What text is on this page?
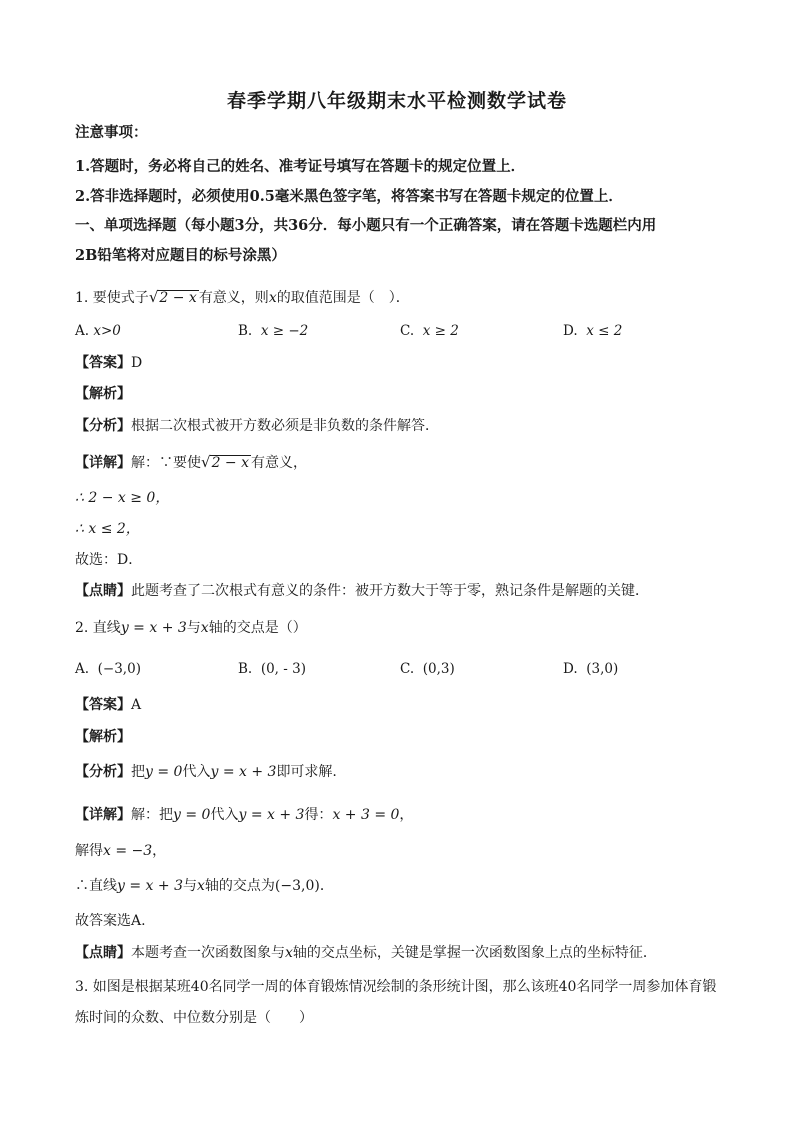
春季学期八年级期末水平检测数学试卷
注意事项：
1.答题时，务必将自己的姓名、准考证号填写在答题卡的规定位置上．
2.答非选择题时，必须使用0.5毫米黑色签字笔，将答案书写在答题卡规定的位置上．
一、单项选择题（每小题3分，共36分．每小题只有一个正确答案，请在答题卡选题栏内用
2B铅笔将对应题目的标号涂黑）
1. 要使式子√2 − x 有意义，则x的取值范围是（　）．
A. x>0	B. x ≥ −2	C. x ≥ 2	D. x ≤ 2
【答案】D
【解析】
【分析】根据二次根式被开方数必须是非负数的条件解答．
【详解】解：∵要使√2 − x 有意义，
∴ 2 − x ≥ 0，
∴ x ≤ 2，
故选：D．
【点睛】此题考查了二次根式有意义的条件：被开方数大于等于零，熟记条件是解题的关键．
2. 直线y = x + 3与x轴的交点是（）
A. (−3,0)	B. (0, - 3)	C. (0,3)	D. (3,0)
【答案】A
【解析】
【分析】把y = 0代入y = x + 3即可求解.
【详解】解：把y = 0代入y = x + 3得：x + 3 = 0，
解得x = −3，
∴直线y = x + 3与x轴的交点为(−3,0)．
故答案选A.
【点睛】本题考查一次函数图象与x轴的交点坐标，关键是掌握一次函数图象上点的坐标特征．
3. 如图是根据某班40名同学一周的体育锻炼情况绘制的条形统计图，那么该班40名同学一周参加体育锻
炼时间的众数、中位数分别是（　　）
